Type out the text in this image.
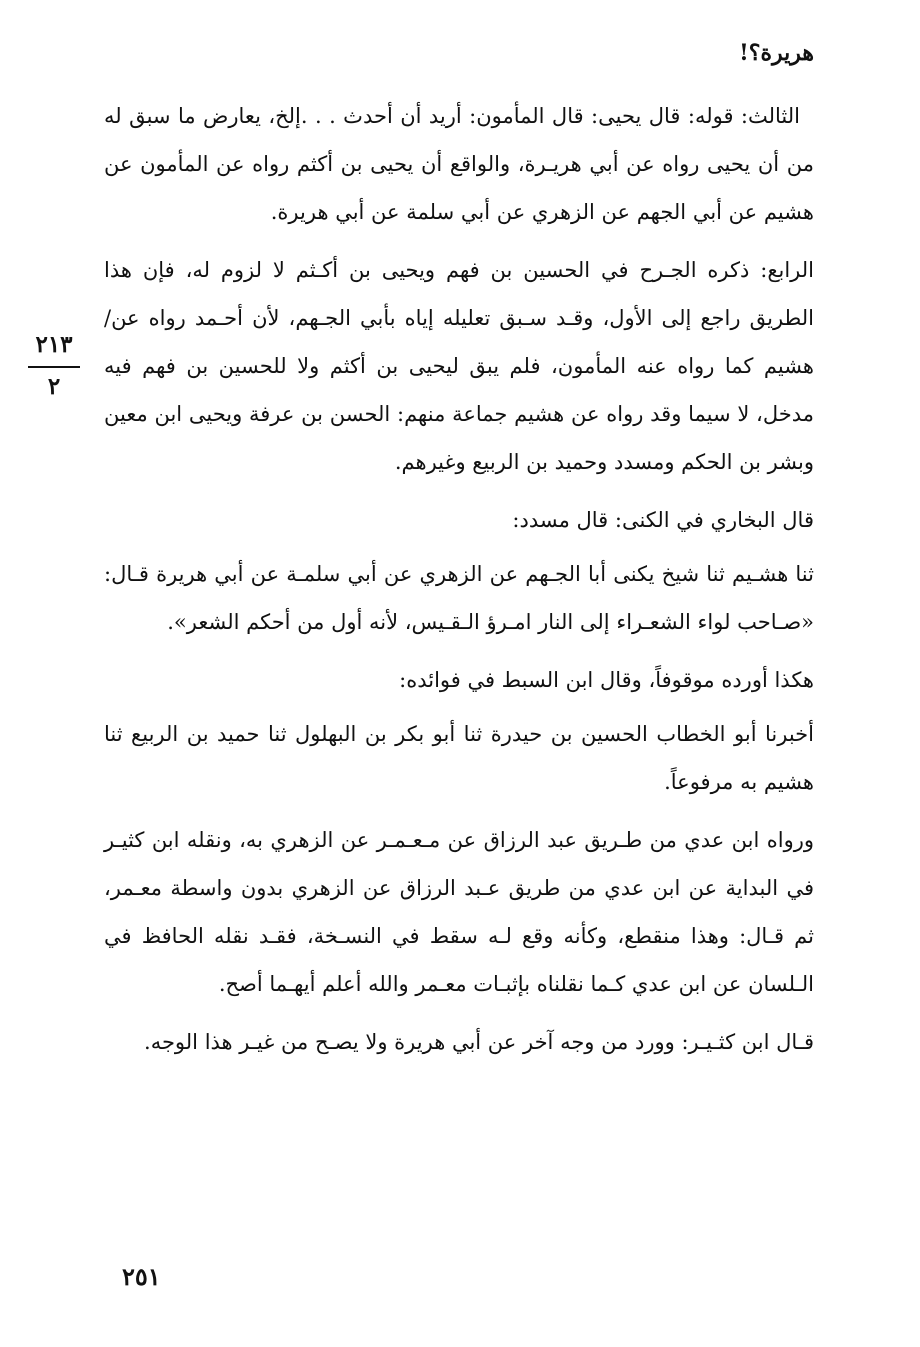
هريرة؟!
٢١٣
٢

الثالث: قوله: قال يحيى: قال المأمون: أريد أن أحدث . . .إلخ، يعارض ما سبق له من أن يحيى رواه عن أبي هريـرة، والواقع أن يحيى بن أكثم رواه عن المأمون عن هشيم عن أبي الجهم عن الزهري عن أبي سلمة عن أبي هريرة.

الرابع: ذكره الجـرح في الحسين بن فهم ويحيى بن أكـثم لا لزوم له، فإن هذا الطريق راجع إلى الأول، وقـد سـبق تعليله إياه بأبي الجـهم، لأن أحـمد رواه عن/ هشيم كما رواه عنه المأمون، فلم يبق ليحيى بن أكثم ولا للحسين بن فهم فيه مدخل، لا سيما وقد رواه عن هشيم جماعة منهم: الحسن بن عرفة ويحيى ابن معين وبشر بن الحكم ومسدد وحميد بن الربيع وغيرهم.

قال البخاري في الكنى: قال مسدد:

ثنا هشـيم ثنا شيخ يكنى أبا الجـهم عن الزهري عن أبي سلمـة عن أبي هريرة قـال: «صـاحب لواء الشعـراء إلى النار امـرؤ الـقـيس، لأنه أول من أحكم الشعر».

هكذا أورده موقوفاً، وقال ابن السبط في فوائده:

أخبرنا أبو الخطاب الحسين بن حيدرة ثنا أبو بكر بن البهلول ثنا حميد بن الربيع ثنا هشيم به مرفوعاً.

ورواه ابن عدي من طـريق عبد الرزاق عن مـعـمـر عن الزهري به، ونقله ابن كثيـر في البداية عن ابن عدي من طريق عـبد الرزاق عن الزهري بدون واسطة معـمر، ثم قـال: وهذا منقطع، وكأنه وقع لـه سقط في النسـخة، فقـد نقله الحافظ في الـلسان عن ابن عدي كـما نقلناه بإثبـات معـمر والله أعلم أيهـما أصح.

قـال ابن كثـيـر: وورد من وجه آخر عن أبي هريرة ولا يصـح من غيـر هذا الوجه.

٢٥١
